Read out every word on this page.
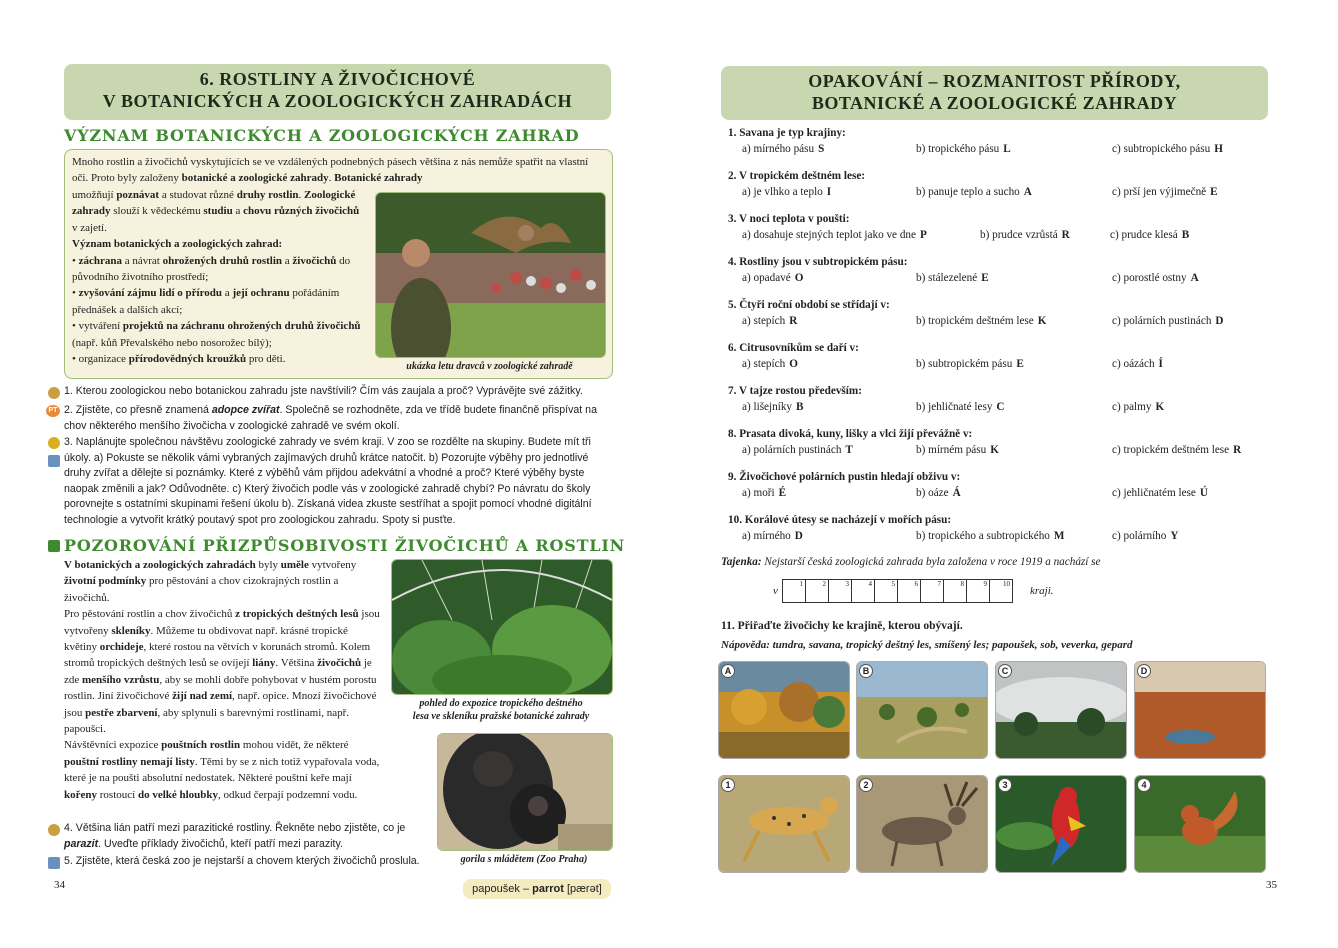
6. ROSTLINY A ŽIVOČICHOVÉ
V BOTANICKÝCH A ZOOLOGICKÝCH ZAHRADÁCH
VÝZNAM BOTANICKÝCH A ZOOLOGICKÝCH ZAHRAD
Mnoho rostlin a živočichů vyskytujících se ve vzdálených podnebných pásech většina z nás nemůže spatřit na vlastní oči. Proto byly založeny botanické a zoologické zahrady. Botanické zahrady
umožňují poznávat a studovat různé druhy rostlin. Zoologické zahrady slouží k vědeckému studiu a chovu různých živočichů v zajetí.
Význam botanických a zoologických zahrad:
• záchrana a návrat ohrožených druhů rostlin a živočichů do původního životního prostředí;
• zvyšování zájmu lidí o přírodu a její ochranu pořádáním přednášek a dalších akcí;
• vytváření projektů na záchranu ohrožených druhů živočichů (např. kůň Převalského nebo nosorožec bílý);
• organizace přírodovědných kroužků pro děti.
ukázka letu dravců v zoologické zahradě
1. Kterou zoologickou nebo botanickou zahradu jste navštívili? Čím vás zaujala a proč? Vyprávějte své zážitky.
PT 2. Zjistěte, co přesně znamená adopce zvířat. Společně se rozhodněte, zda ve třídě budete finančně přispívat na chov některého menšího živočicha v zoologické zahradě ve svém okolí.
3. Naplánujte společnou návštěvu zoologické zahrady ve svém kraji. V zoo se rozdělte na skupiny. Budete mít tři úkoly. a) Pokuste se několik vámi vybraných zajímavých druhů krátce natočit. b) Pozorujte výběhy pro jednotlivé druhy zvířat a dělejte si poznámky. Které z výběhů vám přijdou adekvátní a vhodné a proč? Které výběhy byste naopak změnili a jak? Odůvodněte. c) Který živočich podle vás v zoologické zahradě chybí? Po návratu do školy porovnejte s ostatními skupinami řešení úkolu b). Získaná videa zkuste sestříhat a spojit pomocí vhodné digitální technologie a vytvořit krátký poutavý spot pro zoologickou zahradu. Spoty si pusťte.
POZOROVÁNÍ PŘIZPŮSOBIVOSTI ŽIVOČICHŮ A ROSTLIN
V botanických a zoologických zahradách byly uměle vytvořeny životní podmínky pro pěstování a chov cizokrajných rostlin a živočichů.
Pro pěstování rostlin a chov živočichů z tropických deštných lesů jsou vytvořeny skleníky. Můžeme tu obdivovat např. krásné tropické květiny orchideje, které rostou na větvích v korunách stromů. Kolem stromů tropických deštných lesů se ovíjejí liány. Většina živočichů je zde menšího vzrůstu, aby se mohli dobře pohybovat v hustém porostu rostlin. Jiní živočichové žijí nad zemí, např. opice. Mnozí živočichové jsou pestře zbarvení, aby splynuli s barevnými rostlinami, např. papoušci.
Návštěvníci expozice pouštních rostlin mohou vidět, že některé pouštní rostliny nemají listy. Těmi by se z nich totiž vypařovala voda, které je na poušti absolutní nedostatek. Některé pouštní keře mají kořeny rostoucí do velké hloubky, odkud čerpají podzemní vodu.
pohled do expozice tropického deštného
lesa ve skleníku pražské botanické zahrady
gorila s mládětem (Zoo Praha)
4. Většina lián patří mezi parazitické rostliny. Řekněte nebo zjistěte, co je parazit. Uveďte příklady živočichů, kteří patří mezi parazity.
5. Zjistěte, která česká zoo je nejstarší a chovem kterých živočichů proslula.
34	papoušek – parrot [pærət]
OPAKOVÁNÍ – ROZMANITOST PŘÍRODY,
BOTANICKÉ A ZOOLOGICKÉ ZAHRADY
1. Savana je typ krajiny:
a) mírného pásu S	b) tropického pásu L	c) subtropického pásu H
2. V tropickém deštném lese:
a) je vlhko a teplo I	b) panuje teplo a sucho A	c) prší jen výjimečně E
3. V noci teplota v poušti:
a) dosahuje stejných teplot jako ve dne P	b) prudce vzrůstá R	c) prudce klesá B
4. Rostliny jsou v subtropickém pásu:
a) opadavé O	b) stálezelené E	c) porostlé ostny A
5. Čtyři roční období se střídají v:
a) stepích R	b) tropickém deštném lese K	c) polárních pustinách D
6. Citrusovníkům se daří v:
a) stepích O	b) subtropickém pásu E	c) oázách Í
7. V tajze rostou především:
a) lišejníky B	b) jehličnaté lesy C	c) palmy K
8. Prasata divoká, kuny, lišky a vlci žijí převážně v:
a) polárních pustinách T	b) mírném pásu K	c) tropickém deštném lese R
9. Živočichové polárních pustin hledají obživu v:
a) moři É	b) oáze Á	c) jehličnatém lese Ú
10. Korálové útesy se nacházejí v mořích pásu:
a) mírného D	b) tropického a subtropického M	c) polárního Y
Tajenka: Nejstarší česká zoologická zahrada byla založena v roce 1919 a nachází se
v
1	2	3	4	5	6	7	8	9 10
kraji.
11. Přiřaďte živočichy ke krajině, kterou obývají.
Nápověda: tundra, savana, tropický deštný les, smíšený les; papoušek, sob, veverka, gepard
A	B	C	D
1	2	3	4
35
